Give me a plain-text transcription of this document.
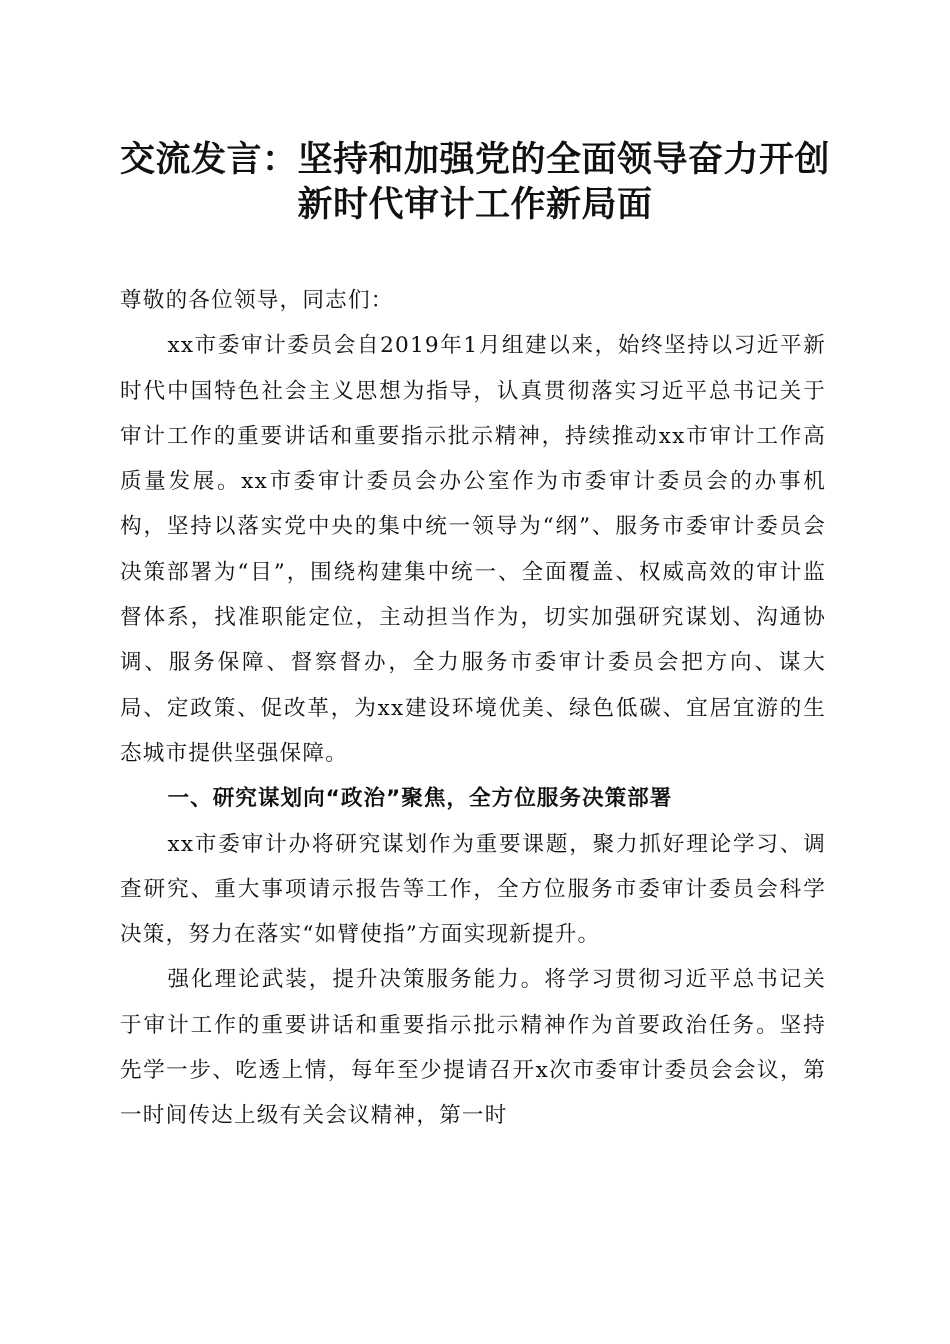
交流发言：坚持和加强党的全面领导奋力开创
新时代审计工作新局面

尊敬的各位领导，同志们：

xx市委审计委员会自2019年1月组建以来，始终坚持以习近平新时代中国特色社会主义思想为指导，认真贯彻落实习近平总书记关于审计工作的重要讲话和重要指示批示精神，持续推动xx市审计工作高质量发展。xx市委审计委员会办公室作为市委审计委员会的办事机构，坚持以落实党中央的集中统一领导为“纲”、服务市委审计委员会决策部署为“目”，围绕构建集中统一、全面覆盖、权威高效的审计监督体系，找准职能定位，主动担当作为，切实加强研究谋划、沟通协调、服务保障、督察督办，全力服务市委审计委员会把方向、谋大局、定政策、促改革，为xx建设环境优美、绿色低碳、宜居宜游的生态城市提供坚强保障。

一、研究谋划向“政治”聚焦，全方位服务决策部署

xx市委审计办将研究谋划作为重要课题，聚力抓好理论学习、调查研究、重大事项请示报告等工作，全方位服务市委审计委员会科学决策，努力在落实“如臂使指”方面实现新提升。

强化理论武装，提升决策服务能力。将学习贯彻习近平总书记关于审计工作的重要讲话和重要指示批示精神作为首要政治任务。坚持先学一步、吃透上情，每年至少提请召开x次市委审计委员会会议，第一时间传达上级有关会议精神，第一时
